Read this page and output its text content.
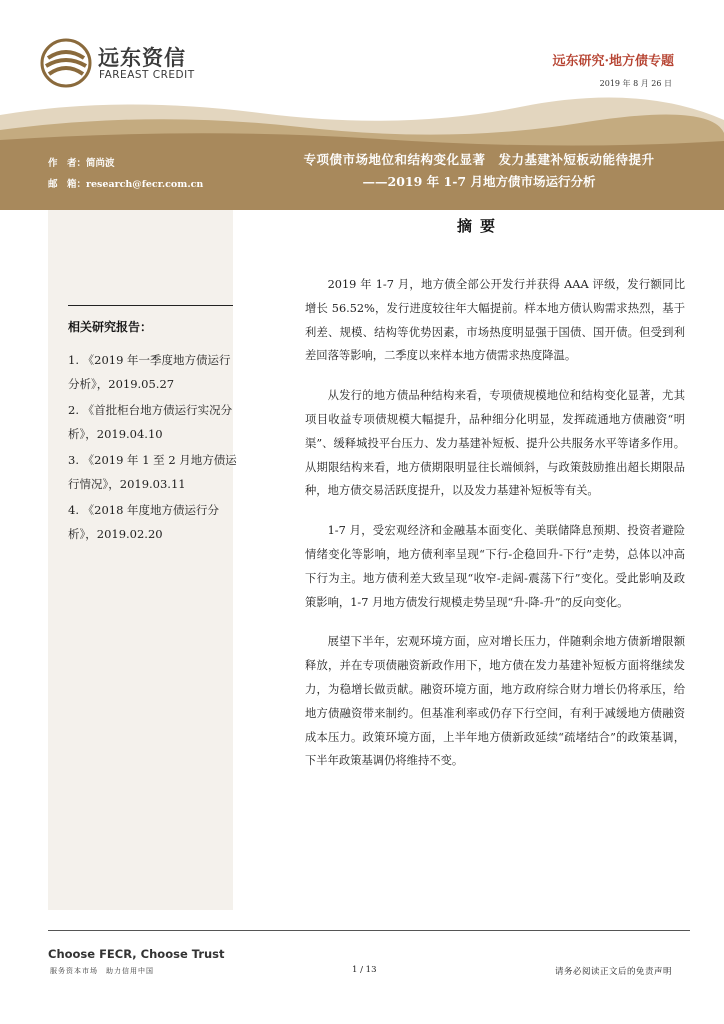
远东资信
FAREAST CREDIT
远东研究·地方债专题
2019 年 8 月 26 日
作　者：简尚波
邮　箱：research@fecr.com.cn
专项债市场地位和结构变化显著　发力基建补短板动能待提升
——2019 年 1-7 月地方债市场运行分析
相关研究报告：
1. 《2019 年一季度地方债运行分析》，2019.05.27
2. 《首批柜台地方债运行实况分析》，2019.04.10
3. 《2019 年 1 至 2 月地方债运行情况》，2019.03.11
4. 《2018 年度地方债运行分析》，2019.02.20
摘要

2019 年 1-7 月，地方债全部公开发行并获得 AAA 评级，发行额同比增长 56.52%，发行进度较往年大幅提前。样本地方债认购需求热烈，基于利差、规模、结构等优势因素，市场热度明显强于国债、国开债。但受到利差回落等影响，二季度以来样本地方债需求热度降温。

从发行的地方债品种结构来看，专项债规模地位和结构变化显著，尤其项目收益专项债规模大幅提升，品种细分化明显，发挥疏通地方债融资“明渠”、缓释城投平台压力、发力基建补短板、提升公共服务水平等诸多作用。从期限结构来看，地方债期限明显往长端倾斜，与政策鼓励推出超长期限品种，地方债交易活跃度提升，以及发力基建补短板等有关。

1-7 月，受宏观经济和金融基本面变化、美联储降息预期、投资者避险情绪变化等影响，地方债利率呈现“下行-企稳回升-下行”走势，总体以冲高下行为主。地方债利差大致呈现“收窄-走阔-震荡下行”变化。受此影响及政策影响，1-7 月地方债发行规模走势呈现“升-降-升”的反向变化。

展望下半年，宏观环境方面，应对增长压力，伴随剩余地方债新增限额释放，并在专项债融资新政作用下，地方债在发力基建补短板方面将继续发力，为稳增长做贡献。融资环境方面，地方政府综合财力增长仍将承压，给地方债融资带来制约。但基准利率或仍存下行空间，有利于减缓地方债融资成本压力。政策环境方面，上半年地方债新政延续“疏堵结合”的政策基调，下半年政策基调仍将维持不变。

Choose FECR, Choose Trust
服务资本市场　助力信用中国	1 / 13	请务必阅读正文后的免责声明
